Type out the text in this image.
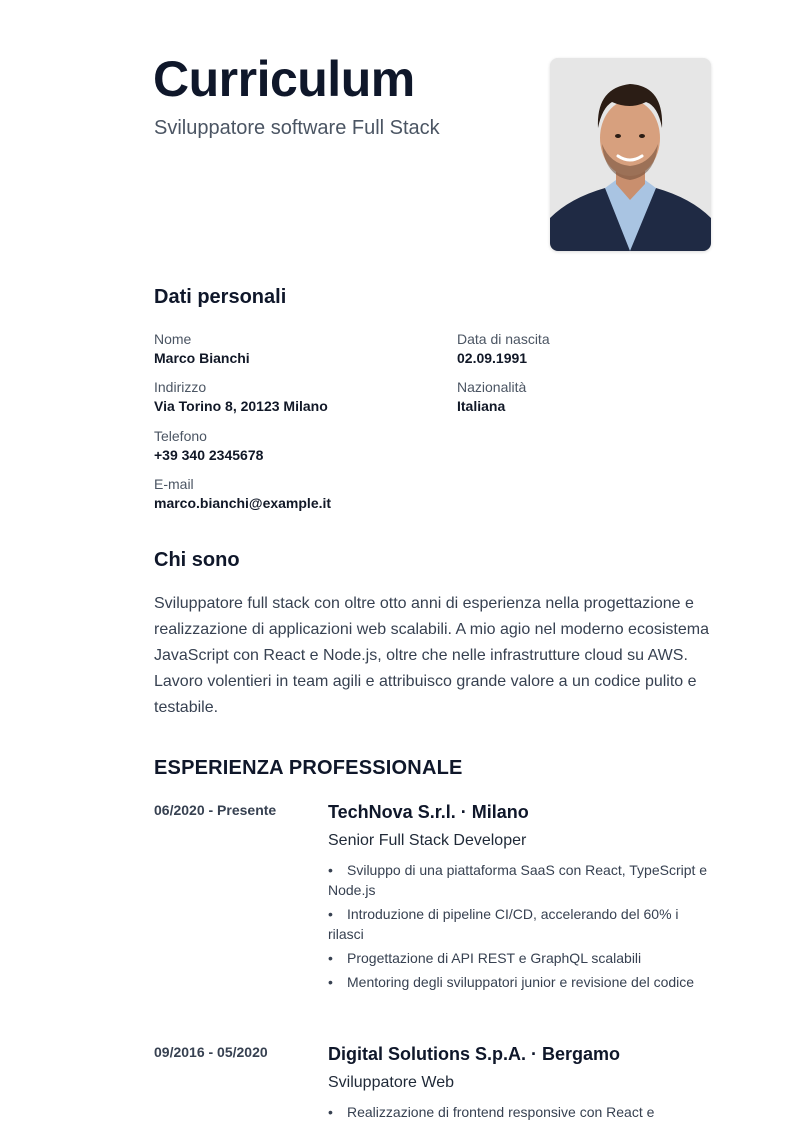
Curriculum

Sviluppatore software Full Stack

Dati personali
Nome
Marco Bianchi
Indirizzo
Via Torino 8, 20123 Milano
Telefono
+39 340 2345678
E-mail
marco.bianchi@example.it
Data di nascita
02.09.1991
Nazionalità
Italiana
Chi sono

Sviluppatore full stack con oltre otto anni di esperienza nella progettazione e realizzazione di applicazioni web scalabili. A mio agio nel moderno ecosistema JavaScript con React e Node.js, oltre che nelle infrastrutture cloud su AWS. Lavoro volentieri in team agili e attribuisco grande valore a un codice pulito e testabile.

ESPERIENZA PROFESSIONALE
06/2020 - Presente	TechNova S.r.l. · Milano
Senior Full Stack Developer
• Sviluppo di una piattaforma SaaS con React, TypeScript e Node.js
• Introduzione di pipeline CI/CD, accelerando del 60% i rilasci
• Progettazione di API REST e GraphQL scalabili
• Mentoring degli sviluppatori junior e revisione del codice
09/2016 - 05/2020	Digital Solutions S.p.A. · Bergamo
Sviluppatore Web
• Realizzazione di frontend responsive con React e
